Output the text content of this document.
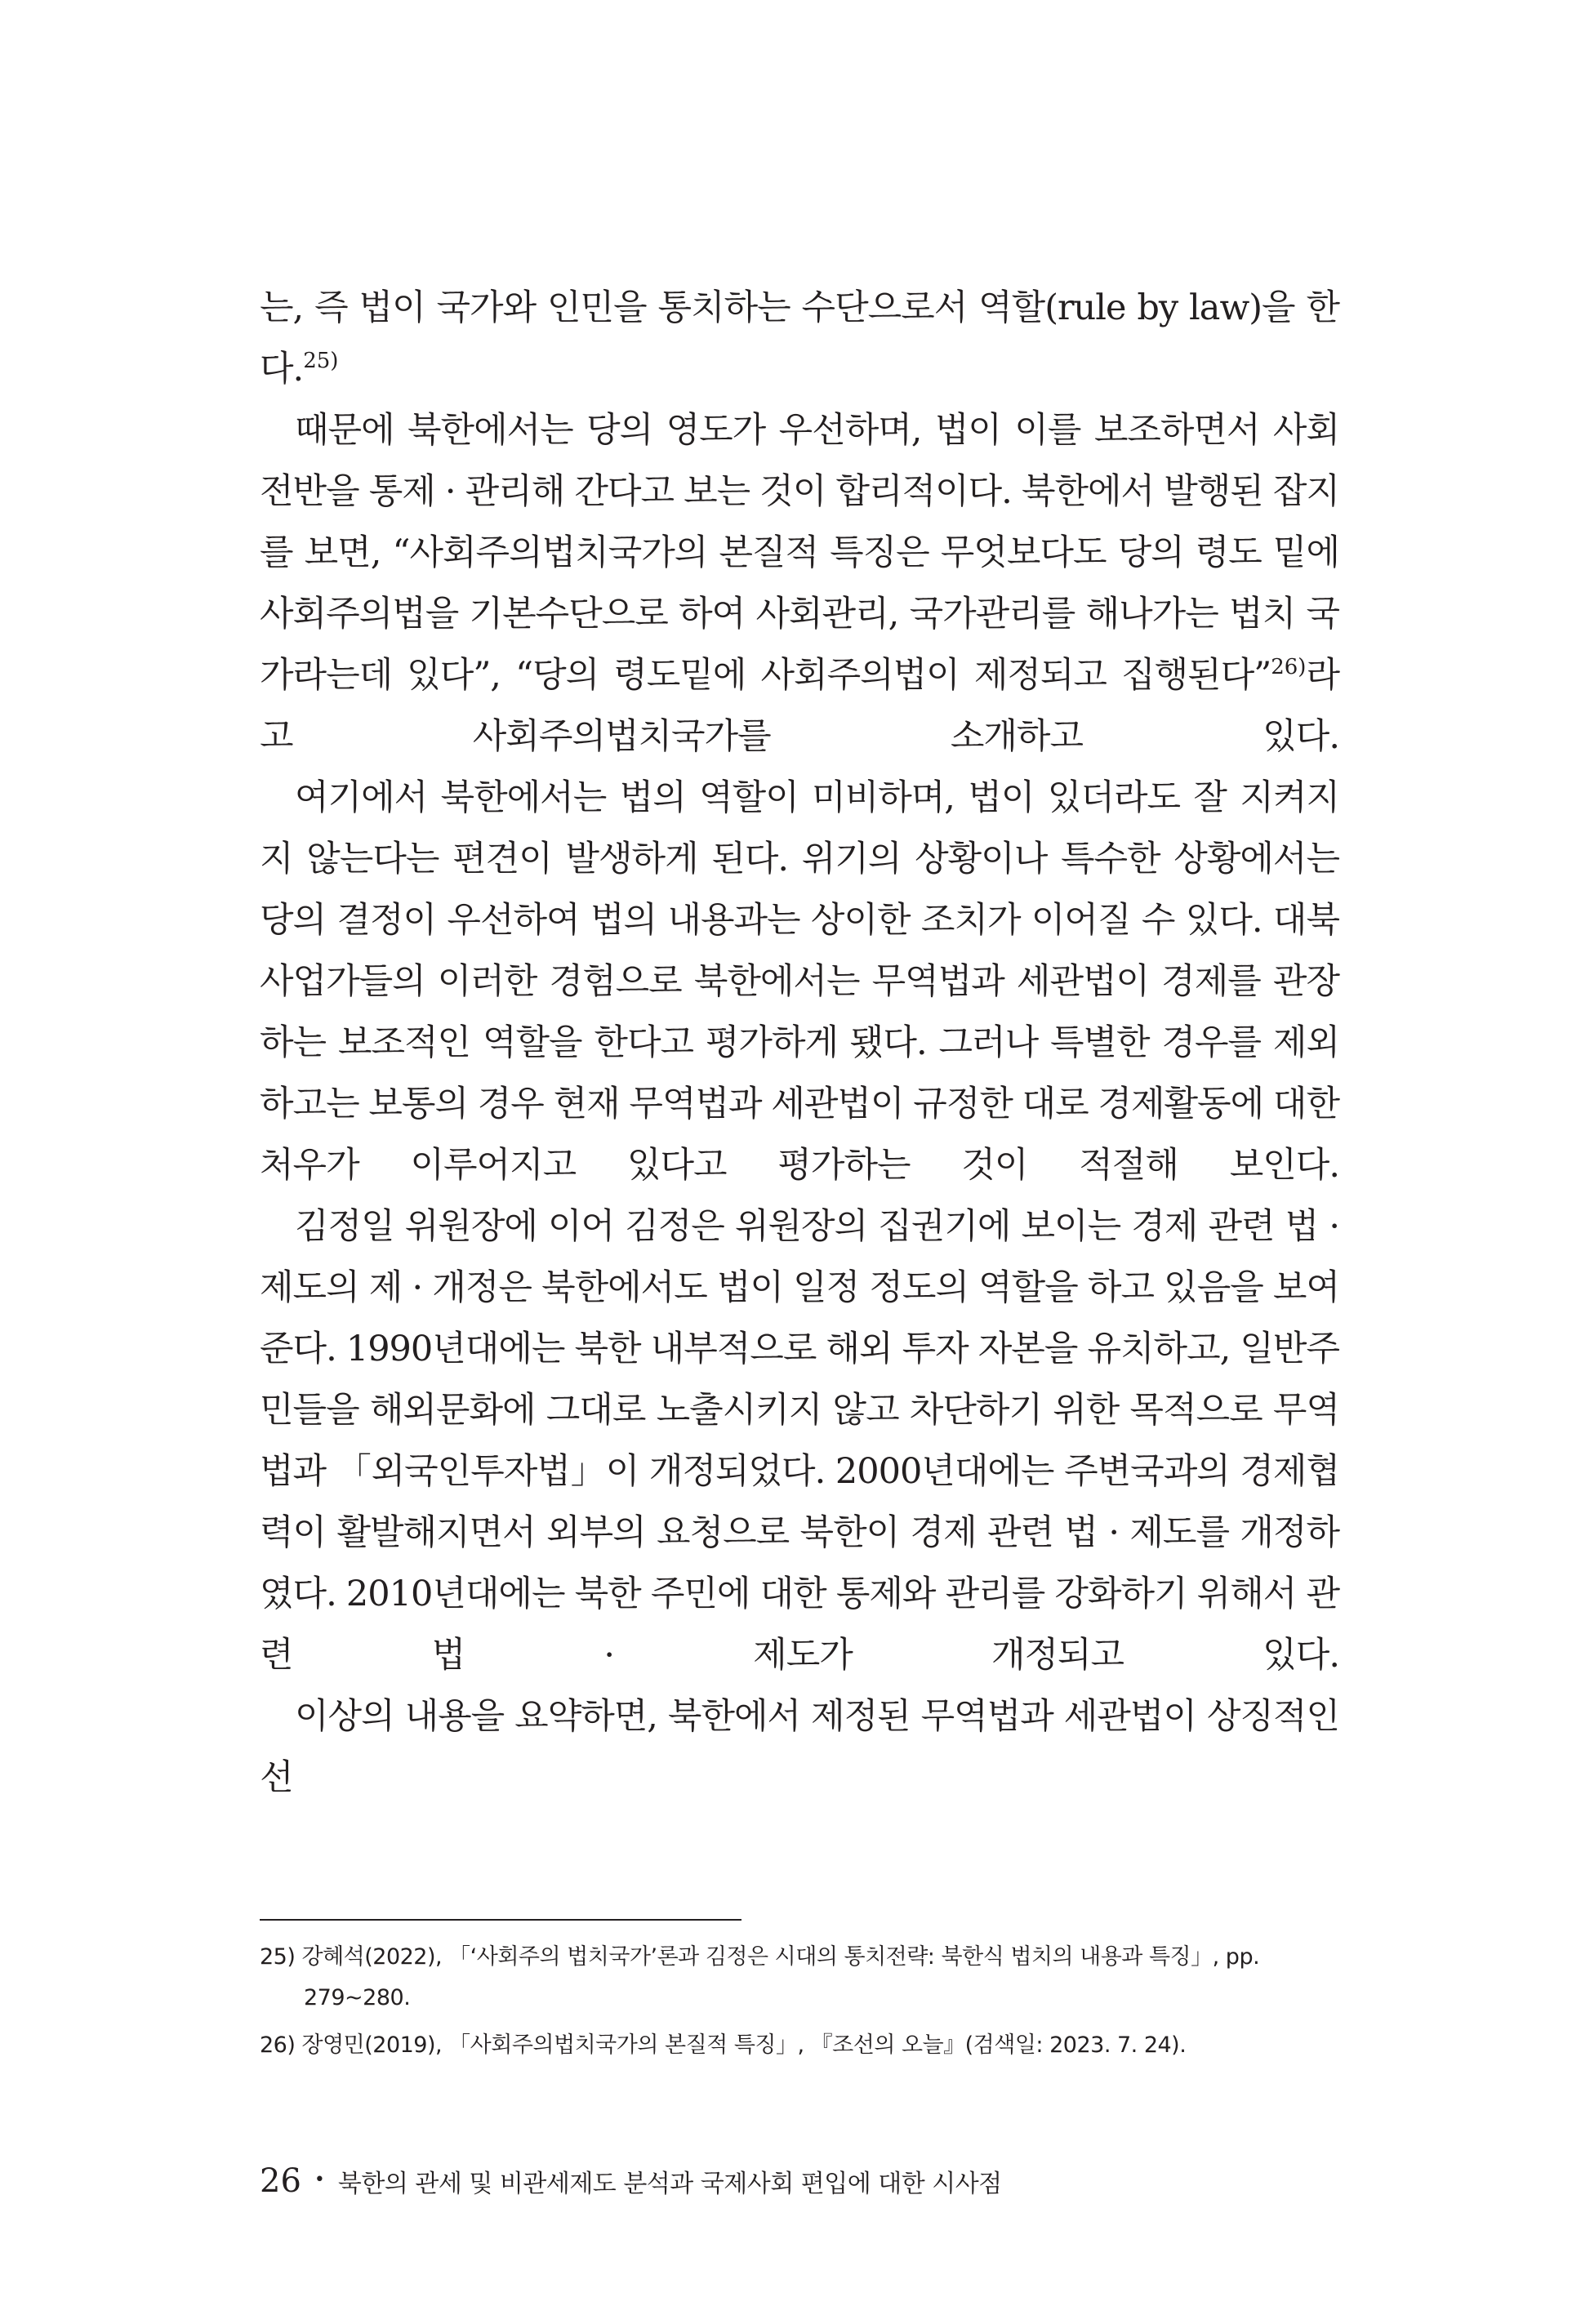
는, 즉 법이 국가와 인민을 통치하는 수단으로서 역할(rule by law)을 한다.$^{25)}$

때문에 북한에서는 당의 영도가 우선하며, 법이 이를 보조하면서 사회 전반을 통제 · 관리해 간다고 보는 것이 합리적이다. 북한에서 발행된 잡지를 보면, “사회주의법치국가의 본질적 특징은 무엇보다도 당의 령도 밑에 사회주의법을 기본수단으로 하여 사회관리, 국가관리를 해나가는 법치 국가라는데 있다”, “당의 령도밑에 사회주의법이 제정되고 집행된다”$^{26)}$라고 사회주의법치국가를 소개하고 있다.

여기에서 북한에서는 법의 역할이 미비하며, 법이 있더라도 잘 지켜지지 않는다는 편견이 발생하게 된다. 위기의 상황이나 특수한 상황에서는 당의 결정이 우선하여 법의 내용과는 상이한 조치가 이어질 수 있다. 대북 사업가들의 이러한 경험으로 북한에서는 무역법과 세관법이 경제를 관장하는 보조적인 역할을 한다고 평가하게 됐다. 그러나 특별한 경우를 제외하고는 보통의 경우 현재 무역법과 세관법이 규정한 대로 경제활동에 대한 처우가 이루어지고 있다고 평가하는 것이 적절해 보인다.

김정일 위원장에 이어 김정은 위원장의 집권기에 보이는 경제 관련 법 · 제도의 제 · 개정은 북한에서도 법이 일정 정도의 역할을 하고 있음을 보여준다. 1990년대에는 북한 내부적으로 해외 투자 자본을 유치하고, 일반주민들을 해외문화에 그대로 노출시키지 않고 차단하기 위한 목적으로 무역법과 「외국인투자법」이 개정되었다. 2000년대에는 주변국과의 경제협력이 활발해지면서 외부의 요청으로 북한이 경제 관련 법 · 제도를 개정하였다. 2010년대에는 북한 주민에 대한 통제와 관리를 강화하기 위해서 관련 법 · 제도가 개정되고 있다.

이상의 내용을 요약하면, 북한에서 제정된 무역법과 세관법이 상징적인 선

25) 강혜석(2022), 「‘사회주의 법치국가’론과 김정은 시대의 통치전략: 북한식 법치의 내용과 특징」, pp. 279~280.

26) 장영민(2019), 「사회주의법치국가의 본질적 특징」, 『조선의 오늘』(검색일: 2023. 7. 24).

26 • 북한의 관세 및 비관세제도 분석과 국제사회 편입에 대한 시사점
